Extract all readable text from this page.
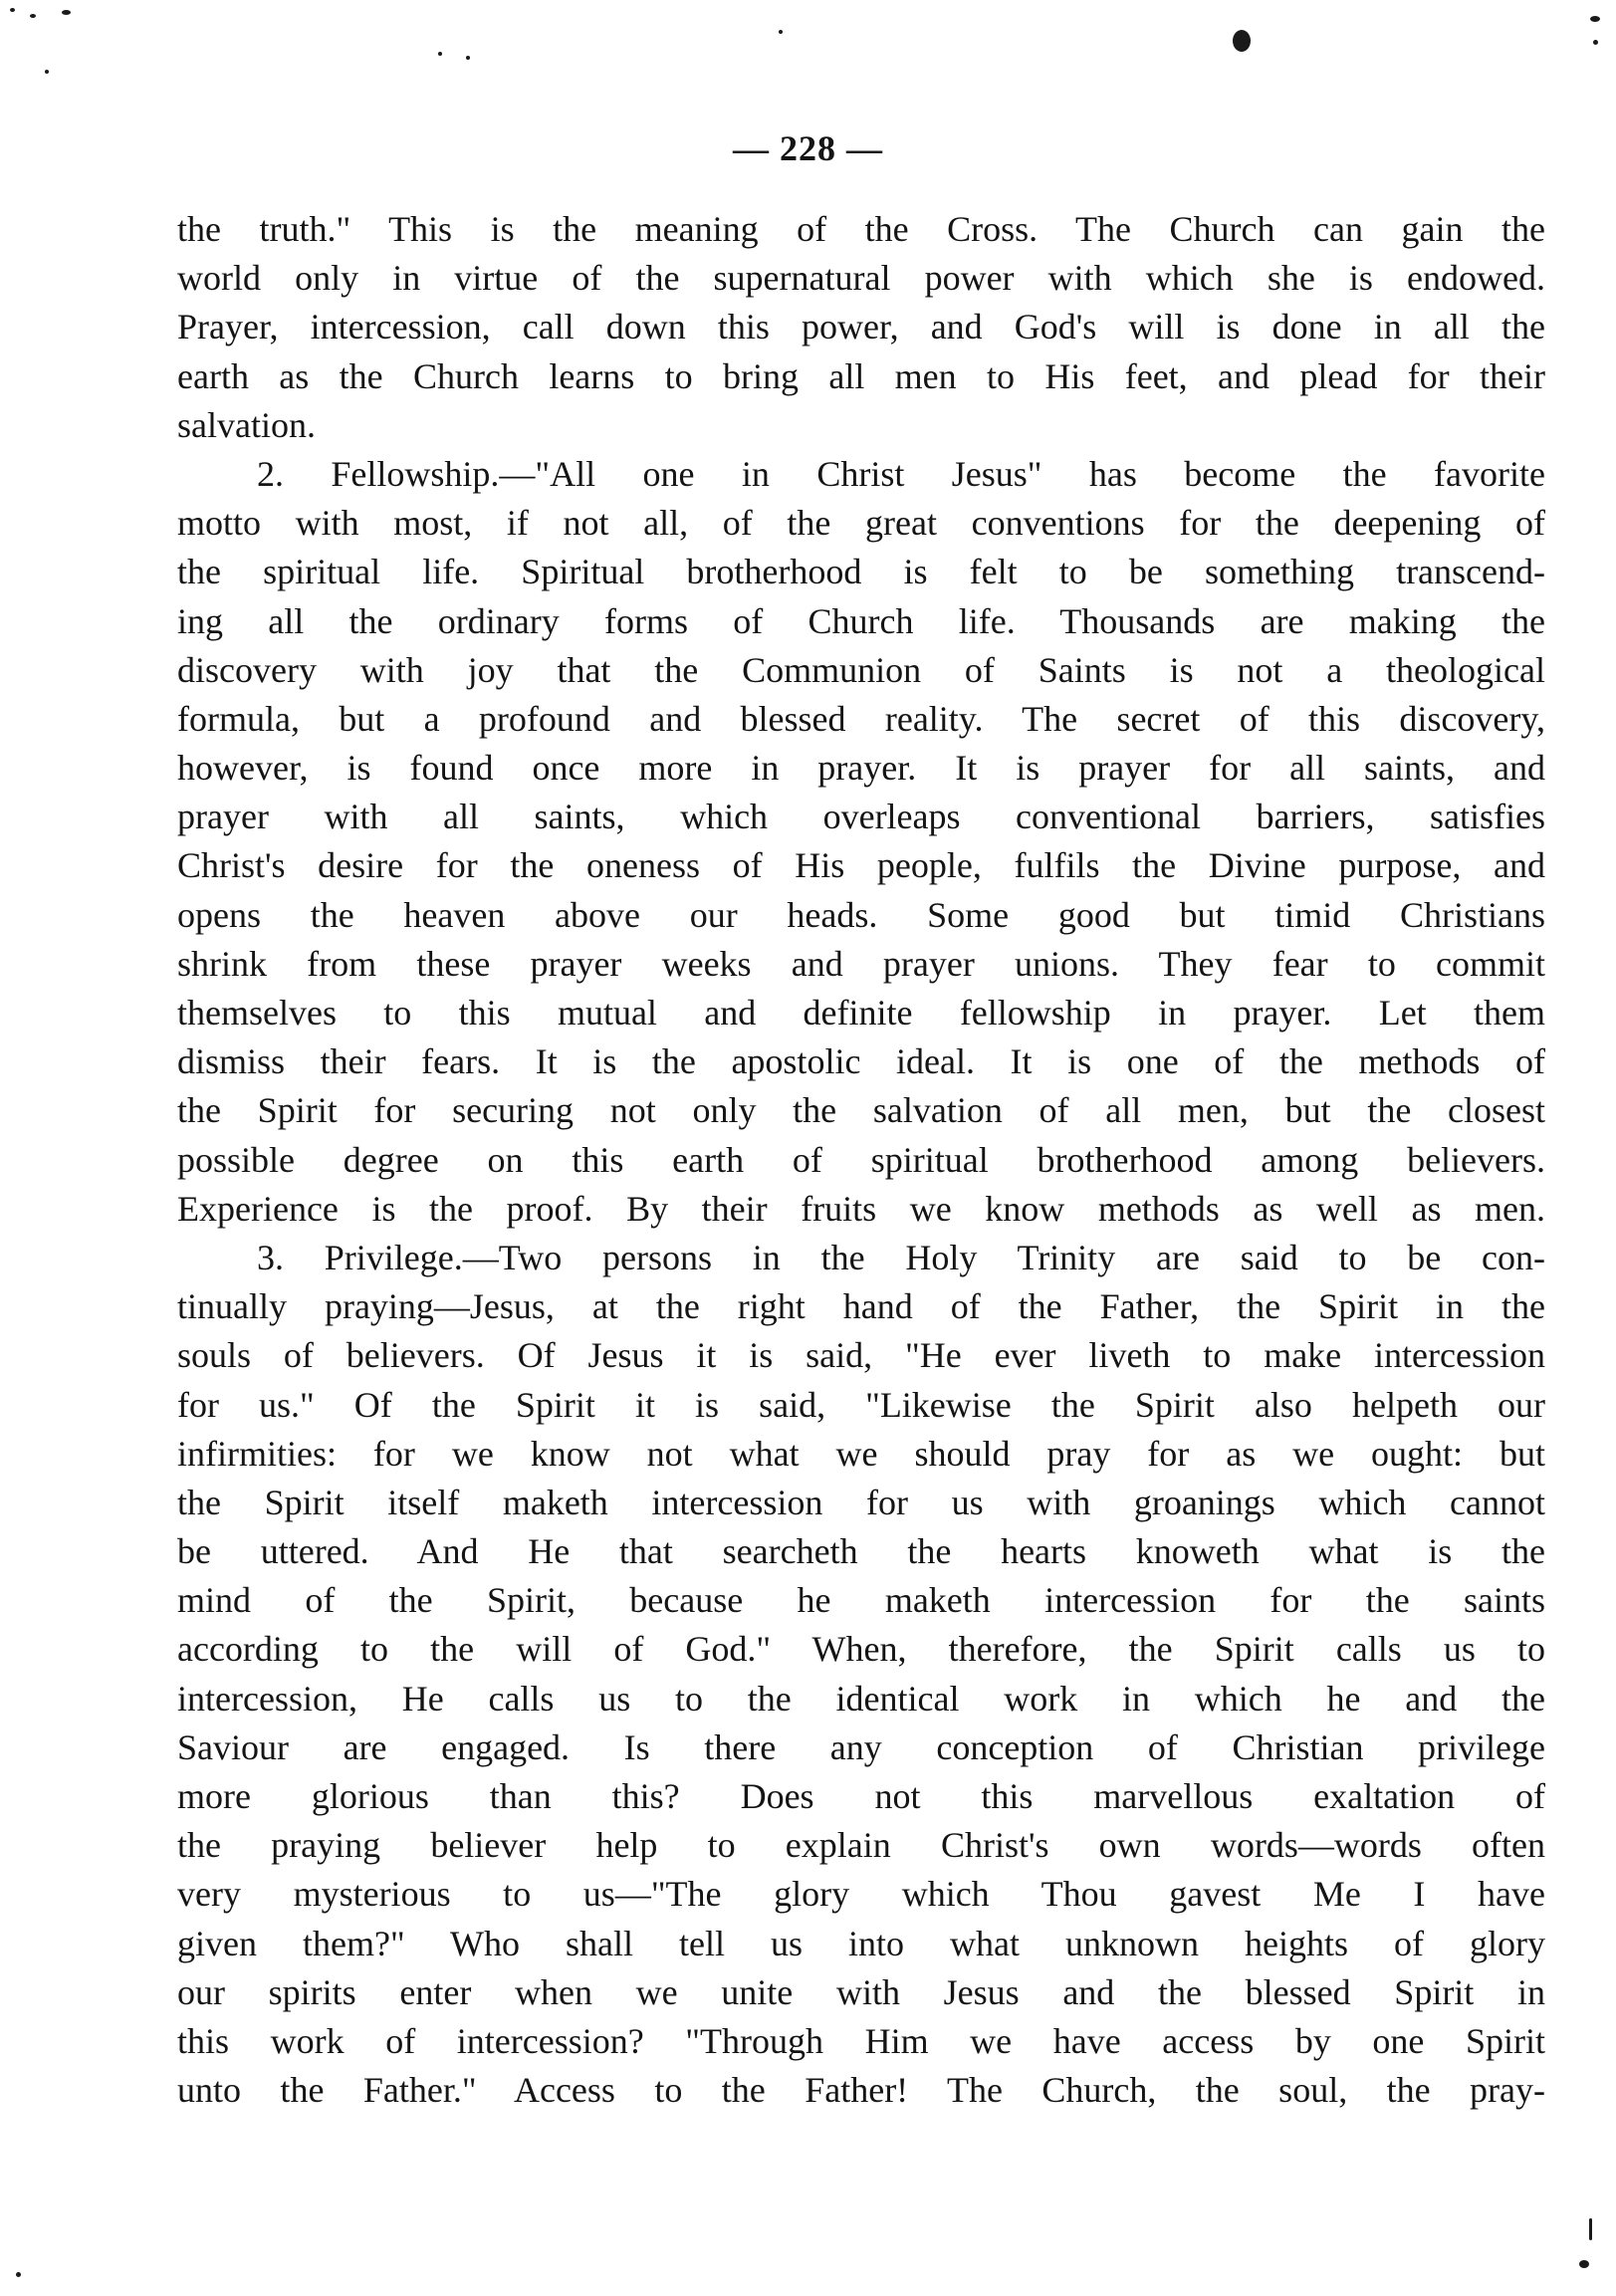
— 228 —
the truth." This is the meaning of the Cross. The Church can gain the
world only in virtue of the supernatural power with which she is endowed.
Prayer, intercession, call down this power, and God's will is done in all the
earth as the Church learns to bring all men to His feet, and plead for their
salvation.
2. Fellowship.—"All one in Christ Jesus" has become the favorite
motto with most, if not all, of the great conventions for the deepening of
the spiritual life. Spiritual brotherhood is felt to be something transcend-
ing all the ordinary forms of Church life. Thousands are making the
discovery with joy that the Communion of Saints is not a theological
formula, but a profound and blessed reality. The secret of this discovery,
however, is found once more in prayer. It is prayer for all saints, and
prayer with all saints, which overleaps conventional barriers, satisfies
Christ's desire for the oneness of His people, fulfils the Divine purpose, and
opens the heaven above our heads. Some good but timid Christians
shrink from these prayer weeks and prayer unions. They fear to commit
themselves to this mutual and definite fellowship in prayer. Let them
dismiss their fears. It is the apostolic ideal. It is one of the methods of
the Spirit for securing not only the salvation of all men, but the closest
possible degree on this earth of spiritual brotherhood among believers.
Experience is the proof. By their fruits we know methods as well as men.
3. Privilege.—Two persons in the Holy Trinity are said to be con-
tinually praying—Jesus, at the right hand of the Father, the Spirit in the
souls of believers. Of Jesus it is said, "He ever liveth to make intercession
for us." Of the Spirit it is said, "Likewise the Spirit also helpeth our
infirmities: for we know not what we should pray for as we ought: but
the Spirit itself maketh intercession for us with groanings which cannot
be uttered. And He that searcheth the hearts knoweth what is the
mind of the Spirit, because he maketh intercession for the saints
according to the will of God." When, therefore, the Spirit calls us to
intercession, He calls us to the identical work in which he and the
Saviour are engaged. Is there any conception of Christian privilege
more glorious than this? Does not this marvellous exaltation of
the praying believer help to explain Christ's own words—words often
very mysterious to us—"The glory which Thou gavest Me I have
given them?" Who shall tell us into what unknown heights of glory
our spirits enter when we unite with Jesus and the blessed Spirit in
this work of intercession? "Through Him we have access by one Spirit
unto the Father." Access to the Father! The Church, the soul, the pray-
